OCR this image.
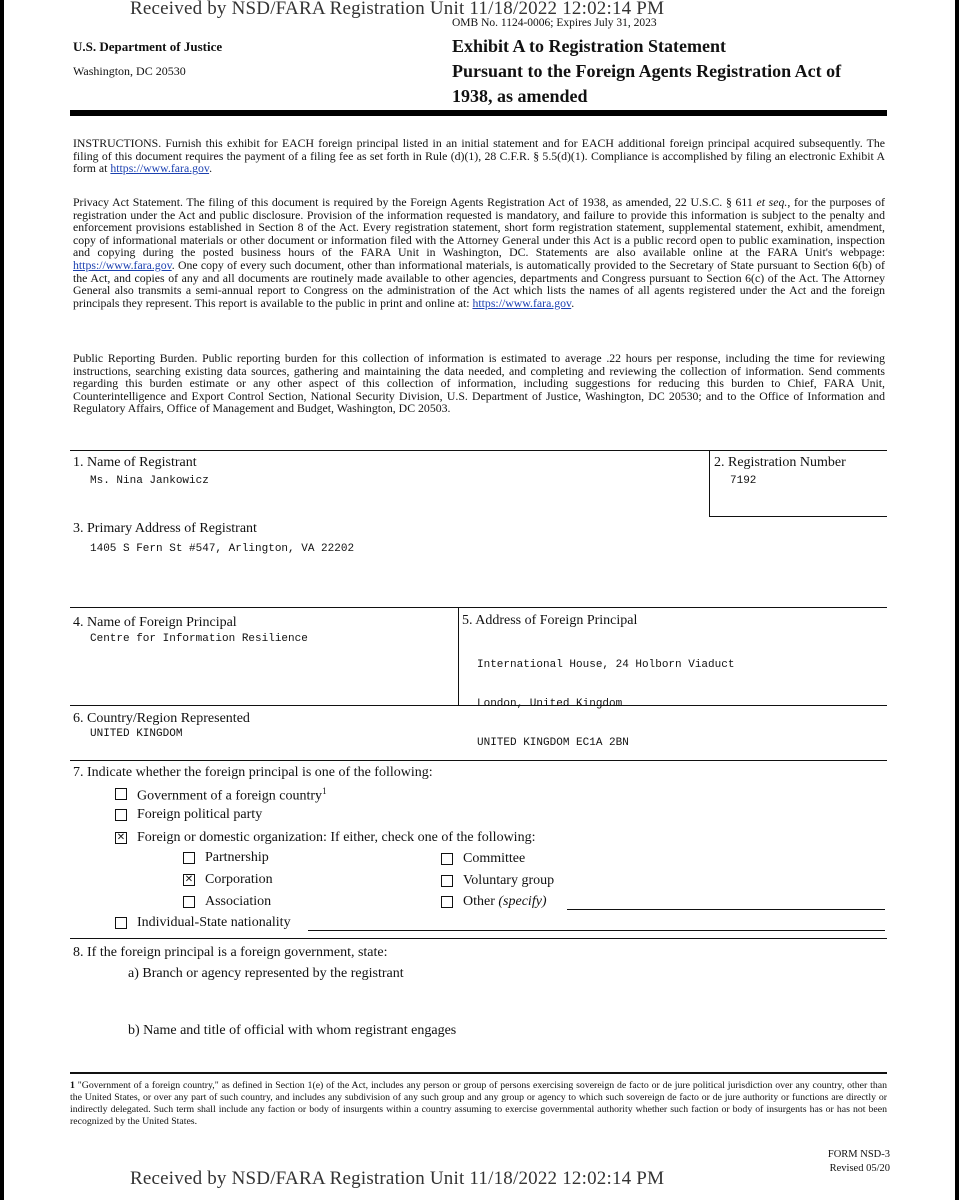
Received by NSD/FARA Registration Unit 11/18/2022 12:02:14 PM
OMB No. 1124-0006; Expires July 31, 2023
U.S. Department of Justice
Washington, DC 20530
Exhibit A to Registration Statement
Pursuant to the Foreign Agents Registration Act of
1938, as amended
INSTRUCTIONS. Furnish this exhibit for EACH foreign principal listed in an initial statement and for EACH additional foreign principal acquired subsequently. The filing of this document requires the payment of a filing fee as set forth in Rule (d)(1), 28 C.F.R. § 5.5(d)(1). Compliance is accomplished by filing an electronic Exhibit A form at https://www.fara.gov.
Privacy Act Statement. The filing of this document is required by the Foreign Agents Registration Act of 1938, as amended, 22 U.S.C. § 611 et seq., for the purposes of registration under the Act and public disclosure. Provision of the information requested is mandatory, and failure to provide this information is subject to the penalty and enforcement provisions established in Section 8 of the Act. Every registration statement, short form registration statement, supplemental statement, exhibit, amendment, copy of informational materials or other document or information filed with the Attorney General under this Act is a public record open to public examination, inspection and copying during the posted business hours of the FARA Unit in Washington, DC. Statements are also available online at the FARA Unit's webpage: https://www.fara.gov. One copy of every such document, other than informational materials, is automatically provided to the Secretary of State pursuant to Section 6(b) of the Act, and copies of any and all documents are routinely made available to other agencies, departments and Congress pursuant to Section 6(c) of the Act. The Attorney General also transmits a semi-annual report to Congress on the administration of the Act which lists the names of all agents registered under the Act and the foreign principals they represent. This report is available to the public in print and online at: https://www.fara.gov.
Public Reporting Burden. Public reporting burden for this collection of information is estimated to average .22 hours per response, including the time for reviewing instructions, searching existing data sources, gathering and maintaining the data needed, and completing and reviewing the collection of information. Send comments regarding this burden estimate or any other aspect of this collection of information, including suggestions for reducing this burden to Chief, FARA Unit, Counterintelligence and Export Control Section, National Security Division, U.S. Department of Justice, Washington, DC 20530; and to the Office of Information and Regulatory Affairs, Office of Management and Budget, Washington, DC 20503.
1. Name of Registrant
Ms. Nina Jankowicz
2. Registration Number
7192
3. Primary Address of Registrant
1405 S Fern St #547, Arlington, VA 22202
4. Name of Foreign Principal
Centre for Information Resilience
5. Address of Foreign Principal

International House, 24 Holborn Viaduct

London, United Kingdom

UNITED KINGDOM EC1A 2BN

6. Country/Region Represented
UNITED KINGDOM
7. Indicate whether the foreign principal is one of the following:
Government of a foreign country$^1$
Foreign political party
✕ Foreign or domestic organization: If either, check one of the following:
Partnership
✕ Corporation
Association
Committee
Voluntary group
Other (specify)
Individual-State nationality
8. If the foreign principal is a foreign government, state:
a) Branch or agency represented by the registrant
b) Name and title of official with whom registrant engages
1 "Government of a foreign country," as defined in Section 1(e) of the Act, includes any person or group of persons exercising sovereign de facto or de jure political jurisdiction over any country, other than the United States, or over any part of such country, and includes any subdivision of any such group and any group or agency to which such sovereign de facto or de jure authority or functions are directly or indirectly delegated. Such term shall include any faction or body of insurgents within a country assuming to exercise governmental authority whether such faction or body of insurgents has or has not been recognized by the United States.
FORM NSD-3
Revised 05/20
Received by NSD/FARA Registration Unit 11/18/2022 12:02:14 PM
